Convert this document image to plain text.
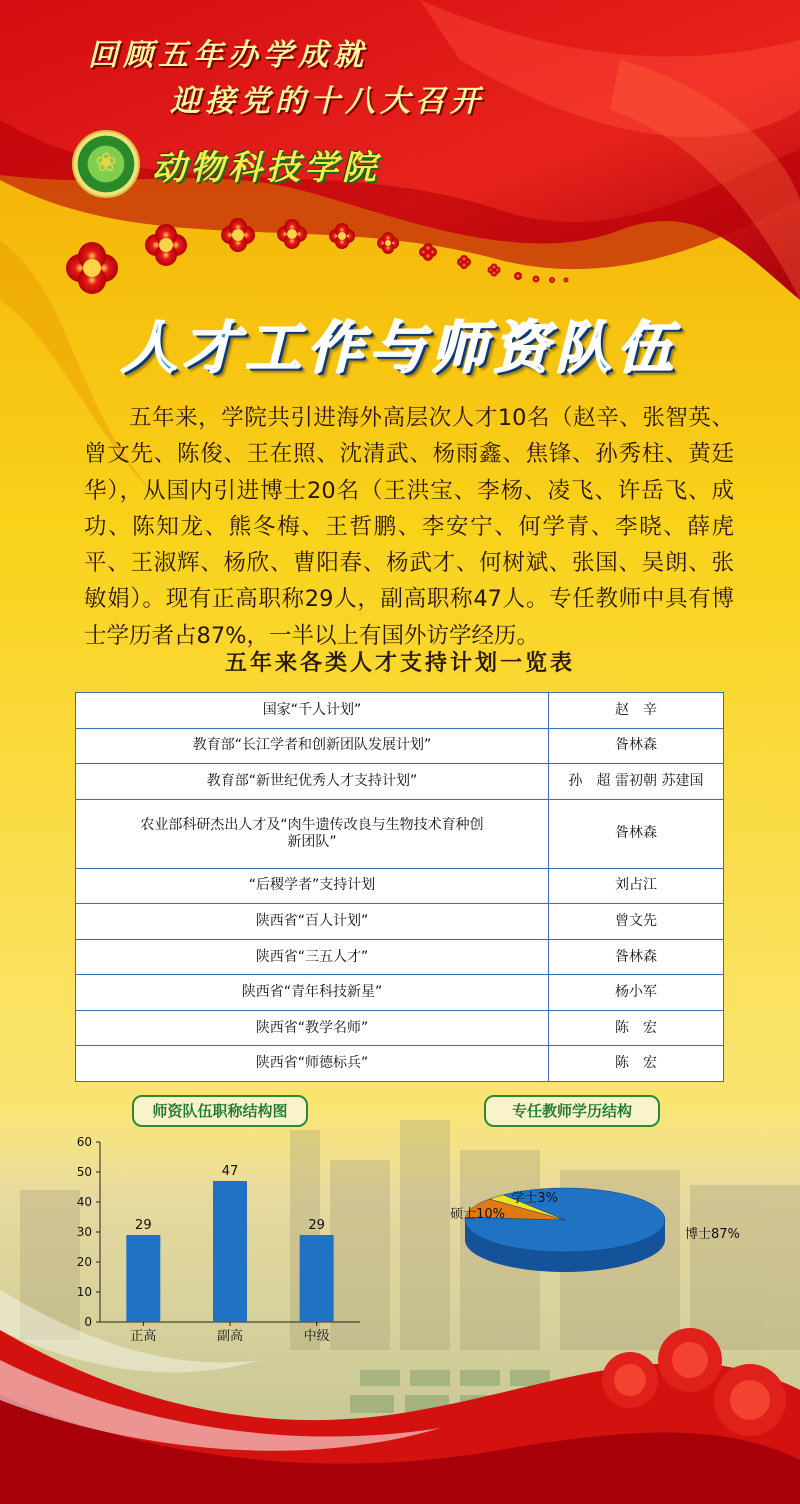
回顾五年办学成就
迎接党的十八大召开
❀	动物科技学院
人才工作与师资队伍
五年来，学院共引进海外高层次人才10名（赵辛、张智英、曾文先、陈俊、王在照、沈清武、杨雨鑫、焦锋、孙秀柱、黄廷华），从国内引进博士20名（王洪宝、李杨、凌飞、许岳飞、成功、陈知龙、熊冬梅、王哲鹏、李安宁、何学青、李晓、薛虎平、王淑辉、杨欣、曹阳春、杨武才、何树斌、张国、吴朗、张敏娟）。现有正高职称29人，副高职称47人。专任教师中具有博士学历者占87%，一半以上有国外访学经历。
五年来各类人才支持计划一览表
国家“千人计划”	赵　辛
教育部“长江学者和创新团队发展计划”	昝林森
教育部“新世纪优秀人才支持计划”	孙　超 雷初朝 苏建国
农业部科研杰出人才及“肉牛遗传改良与生物技术育种创新团队”	昝林森
“后稷学者”支持计划	刘占江
陕西省“百人计划”	曾文先
陕西省“三五人才”	昝林森
陕西省“青年科技新星”	杨小军
陕西省“教学名师”	陈　宏
陕西省“师德标兵”	陈　宏
师资队伍职称结构图	专任教师学历结构
0
10
20
30
40
50
60
29
正高
47
副高
29
中级
博士87%
硕士10%
学士3%
